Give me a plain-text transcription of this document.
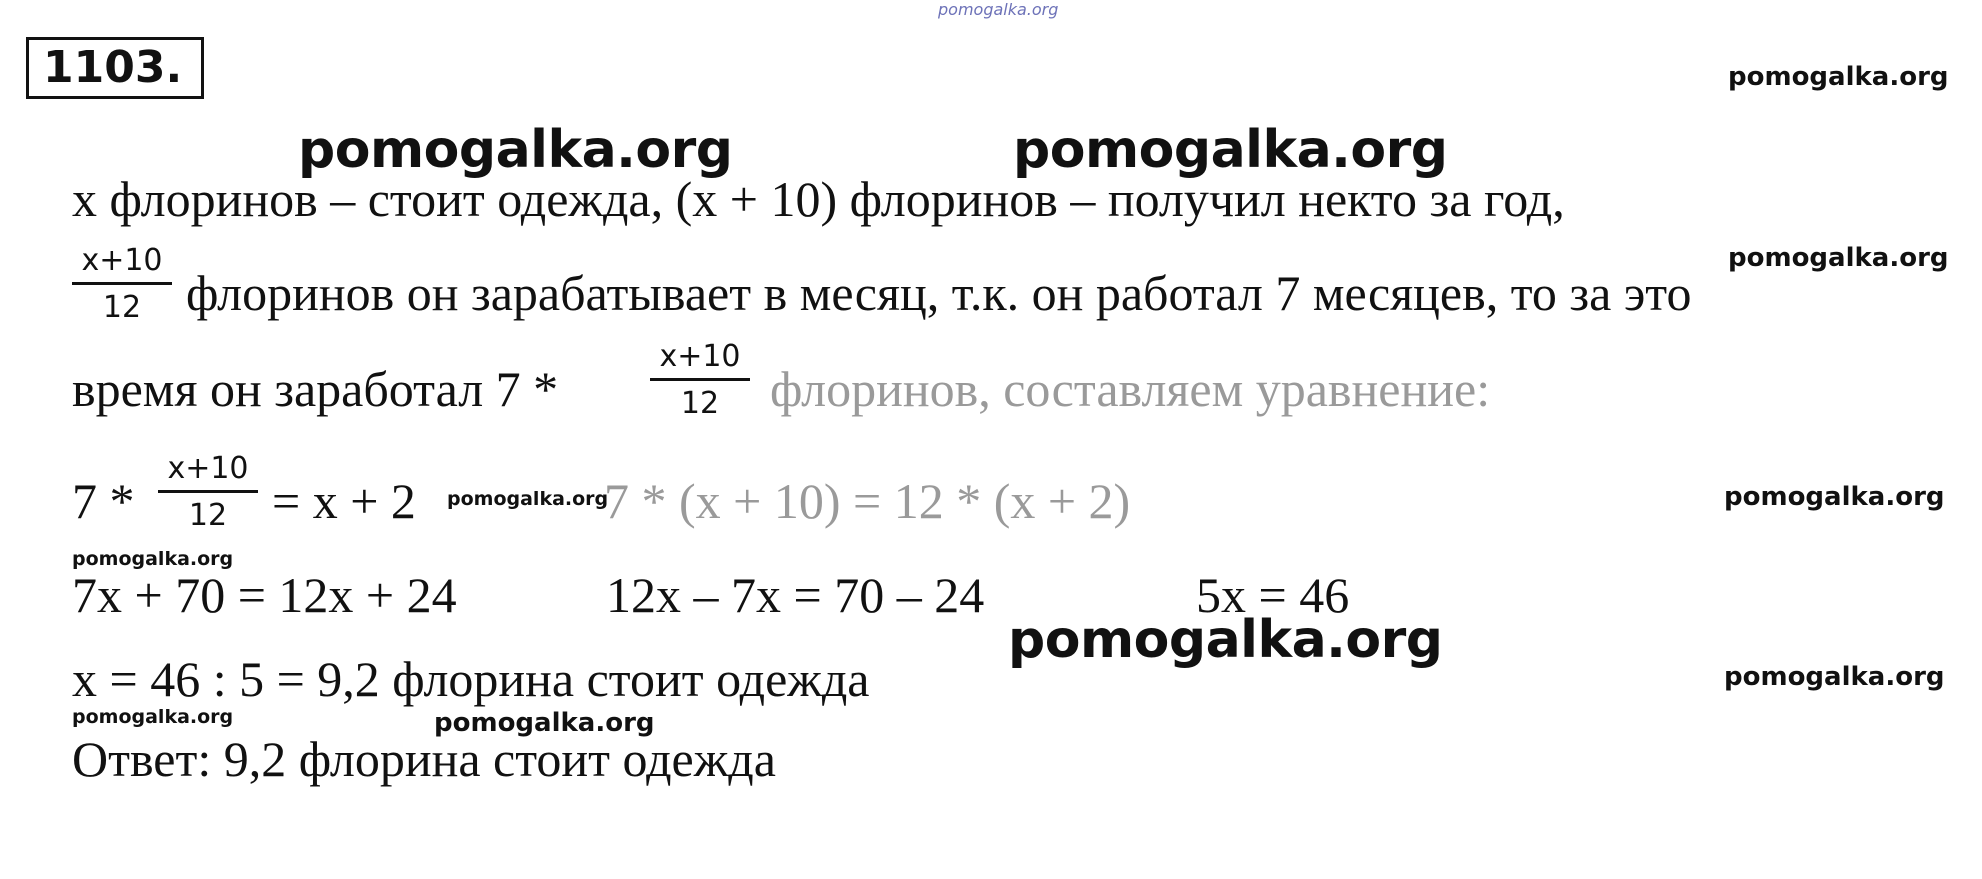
pomogalka.org
pomogalka.org
pomogalka.org	pomogalka.org
pomogalka.org
pomogalka.org
pomogalka.org
pomogalka.org
pomogalka.org
pomogalka.org
pomogalka.org	pomogalka.org
1103.
x флоринов – стоит одежда, (x + 10) флоринов – получил некто за год,
x+10
12 флоринов он зарабатывает в месяц, т.к. он работал 7 месяцев, то за это
время он заработал 7 *
x+10
12	флоринов, составляем уравнение:
7 *
x+10
12 = x + 2	7 * (x + 10) = 12 * (x + 2)
7x + 70 = 12x + 24	12x – 7x = 70 – 24	5x = 46
x = 46 : 5 = 9,2 флорина стоит одежда
Ответ: 9,2 флорина стоит одежда
